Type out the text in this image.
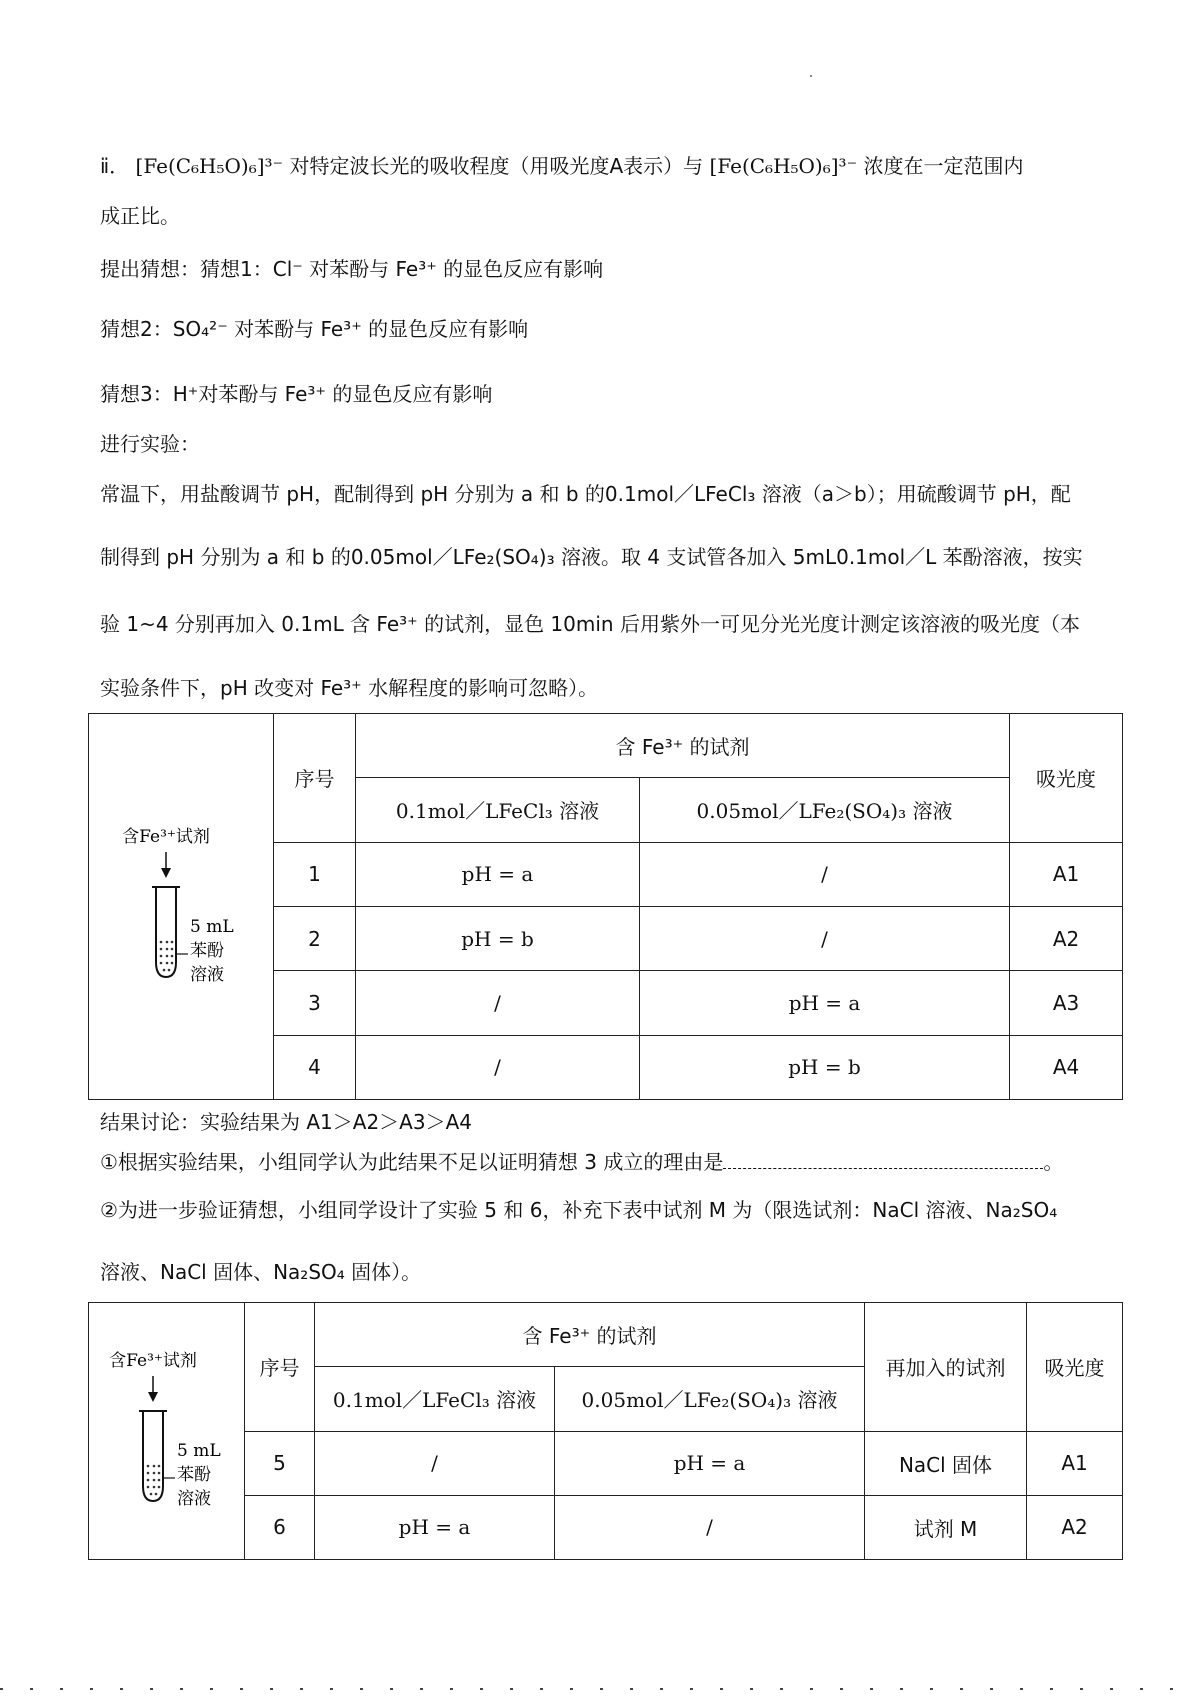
ⅱ． [Fe(C₆H₅O)₆]³⁻ 对特定波长光的吸收程度（用吸光度A表示）与 [Fe(C₆H₅O)₆]³⁻ 浓度在一定范围内
成正比。
提出猜想：猜想1：Cl⁻ 对苯酚与 Fe³⁺ 的显色反应有影响
猜想2：SO₄²⁻ 对苯酚与 Fe³⁺ 的显色反应有影响
猜想3：H⁺对苯酚与 Fe³⁺ 的显色反应有影响
进行实验：
常温下，用盐酸调节 pH，配制得到 pH 分别为 a 和 b 的0.1mol／LFeCl₃ 溶液（a＞b）；用硫酸调节 pH，配
制得到 pH 分别为 a 和 b 的0.05mol／LFe₂(SO₄)₃ 溶液。取 4 支试管各加入 5mL0.1mol／L 苯酚溶液，按实
验 1~4 分别再加入 0.1mL 含 Fe³⁺ 的试剂，显色 10min 后用紫外一可见分光光度计测定该溶液的吸光度（本
实验条件下，pH 改变对 Fe³⁺ 水解程度的影响可忽略）。
含Fe³⁺试剂
5 mL
苯酚
溶液	序号	含 Fe³⁺ 的试剂		吸光度
		0.1mol／LFeCl₃ 溶液	0.05mol／LFe₂(SO₄)₃ 溶液	
	1	pH = a	/	A1
	2	pH = b	/	A2
	3	/	pH = a	A3
	4	/	pH = b	A4
结果讨论：实验结果为 A1＞A2＞A3＞A4
①根据实验结果，小组同学认为此结果不足以证明猜想 3 成立的理由是	。
②为进一步验证猜想，小组同学设计了实验 5 和 6，补充下表中试剂 M 为（限选试剂：NaCl 溶液、Na₂SO₄
溶液、NaCl 固体、Na₂SO₄ 固体）。
含Fe³⁺试剂
5 mL
苯酚
溶液	序号	含 Fe³⁺ 的试剂		再加入的试剂	吸光度
		0.1mol／LFeCl₃ 溶液	0.05mol／LFe₂(SO₄)₃ 溶液		
	5	/	pH = a	NaCl 固体	A1
	6	pH = a	/	试剂 M	A2
